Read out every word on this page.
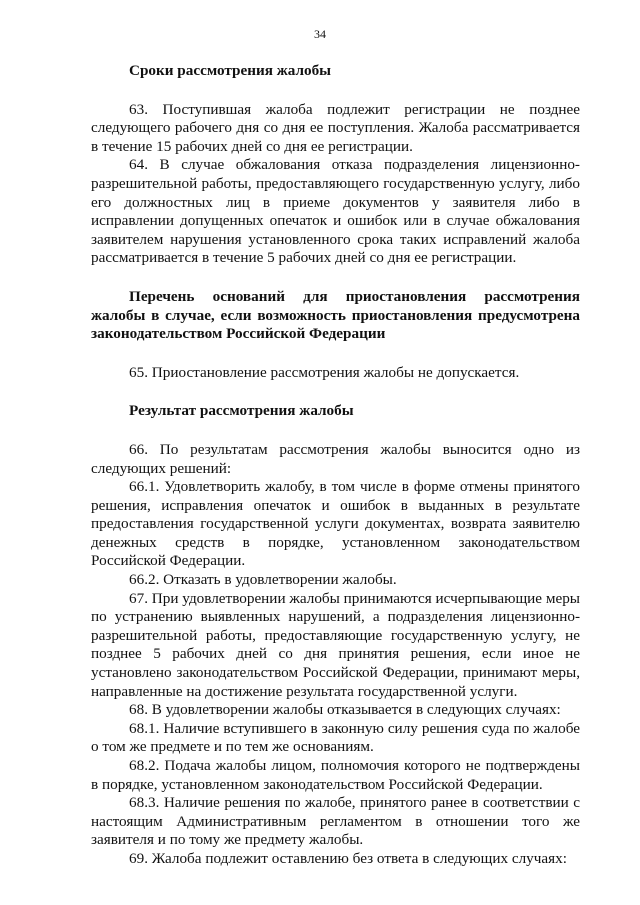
34

Сроки рассмотрения жалобы

63. Поступившая жалоба подлежит регистрации не позднее следующего рабочего дня со дня ее поступления. Жалоба рассматривается в течение 15 рабочих дней со дня ее регистрации.

64. В случае обжалования отказа подразделения лицензионно-разрешительной работы, предоставляющего государственную услугу, либо его должностных лиц в приеме документов у заявителя либо в исправлении допущенных опечаток и ошибок или в случае обжалования заявителем нарушения установленного срока таких исправлений жалоба рассматривается в течение 5 рабочих дней со дня ее регистрации.

Перечень оснований для приостановления рассмотрения жалобы в случае, если возможность приостановления предусмотрена законодательством Российской Федерации

65. Приостановление рассмотрения жалобы не допускается.

Результат рассмотрения жалобы

66. По результатам рассмотрения жалобы выносится одно из следующих решений:

66.1. Удовлетворить жалобу, в том числе в форме отмены принятого решения, исправления опечаток и ошибок в выданных в результате предоставления государственной услуги документах, возврата заявителю денежных средств в порядке, установленном законодательством Российской Федерации.

66.2. Отказать в удовлетворении жалобы.

67. При удовлетворении жалобы принимаются исчерпывающие меры по устранению выявленных нарушений, а подразделения лицензионно-разрешительной работы, предоставляющие государственную услугу, не позднее 5 рабочих дней со дня принятия решения, если иное не установлено законодательством Российской Федерации, принимают меры, направленные на достижение результата государственной услуги.

68. В удовлетворении жалобы отказывается в следующих случаях:

68.1. Наличие вступившего в законную силу решения суда по жалобе о том же предмете и по тем же основаниям.

68.2. Подача жалобы лицом, полномочия которого не подтверждены в порядке, установленном законодательством Российской Федерации.

68.3. Наличие решения по жалобе, принятого ранее в соответствии с настоящим Административным регламентом в отношении того же заявителя и по тому же предмету жалобы.

69. Жалоба подлежит оставлению без ответа в следующих случаях:
